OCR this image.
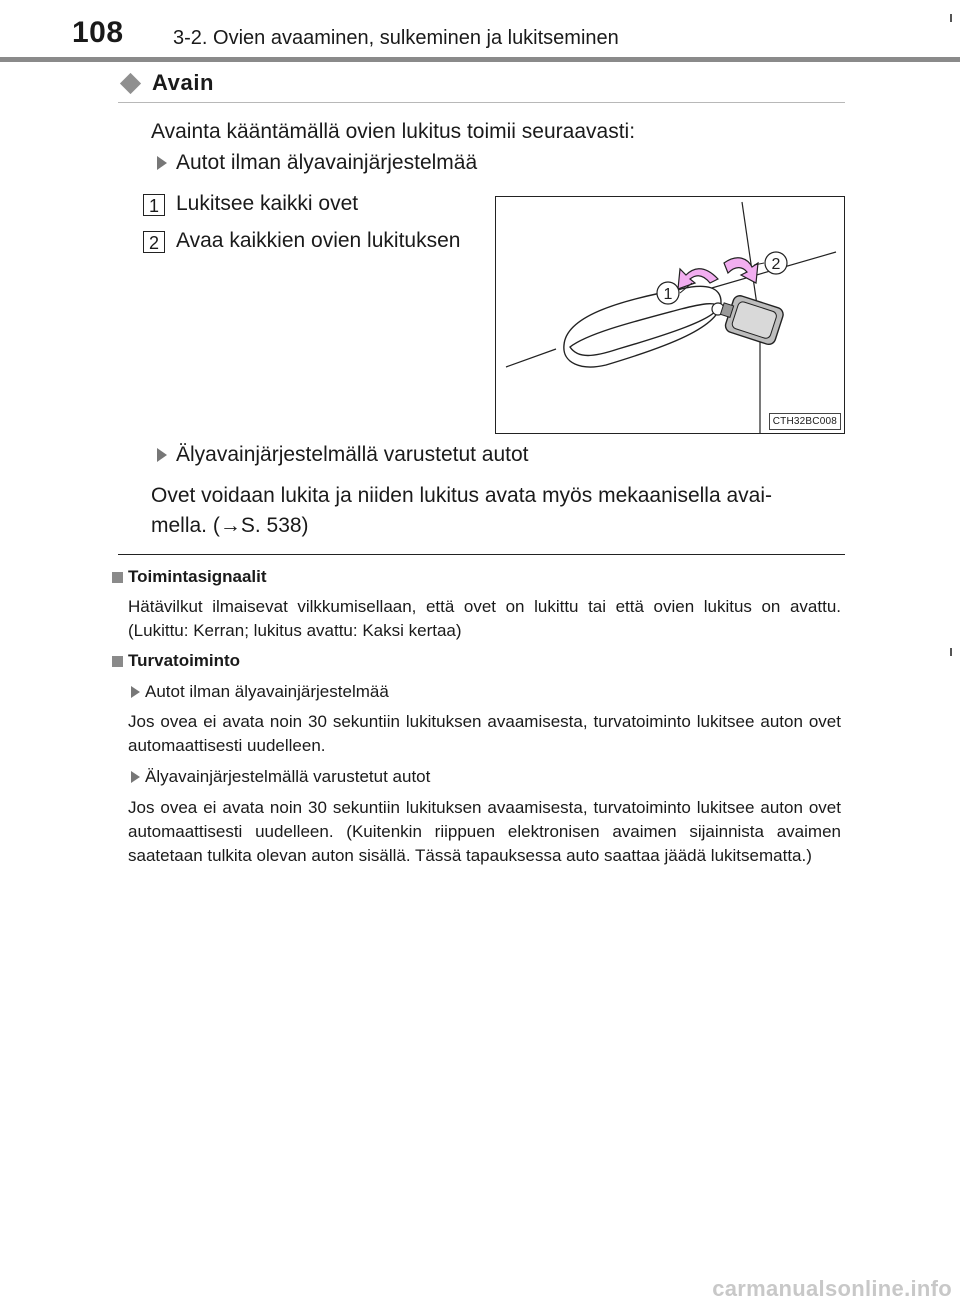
108 3-2. Ovien avaaminen, sulkeminen ja lukitseminen
Avain
Avainta kääntämällä ovien lukitus toimii seuraavasti:
Autot ilman älyavainjärjestelmää
1 Lukitsee kaikki ovet
2 Avaa kaikkien ovien lukituksen
1
2
CTH32BC008
Älyavainjärjestelmällä varustetut autot
Ovet voidaan lukita ja niiden lukitus avata myös mekaanisella avai-
mella. (→S. 538)
Toimintasignaalit
Hätävilkut ilmaisevat vilkkumisellaan, että ovet on lukittu tai että ovien lukitus on avattu. (Lukittu: Kerran; lukitus avattu: Kaksi kertaa)
Turvatoiminto
Autot ilman älyavainjärjestelmää
Jos ovea ei avata noin 30 sekuntiin lukituksen avaamisesta, turvatoiminto lukitsee auton ovet automaattisesti uudelleen.
Älyavainjärjestelmällä varustetut autot
Jos ovea ei avata noin 30 sekuntiin lukituksen avaamisesta, turvatoiminto lukitsee auton ovet automaattisesti uudelleen. (Kuitenkin riippuen elektronisen avaimen sijainnista avaimen saatetaan tulkita olevan auton sisällä. Tässä tapauksessa auto saattaa jäädä lukitsematta.)
carmanualsonline.info
